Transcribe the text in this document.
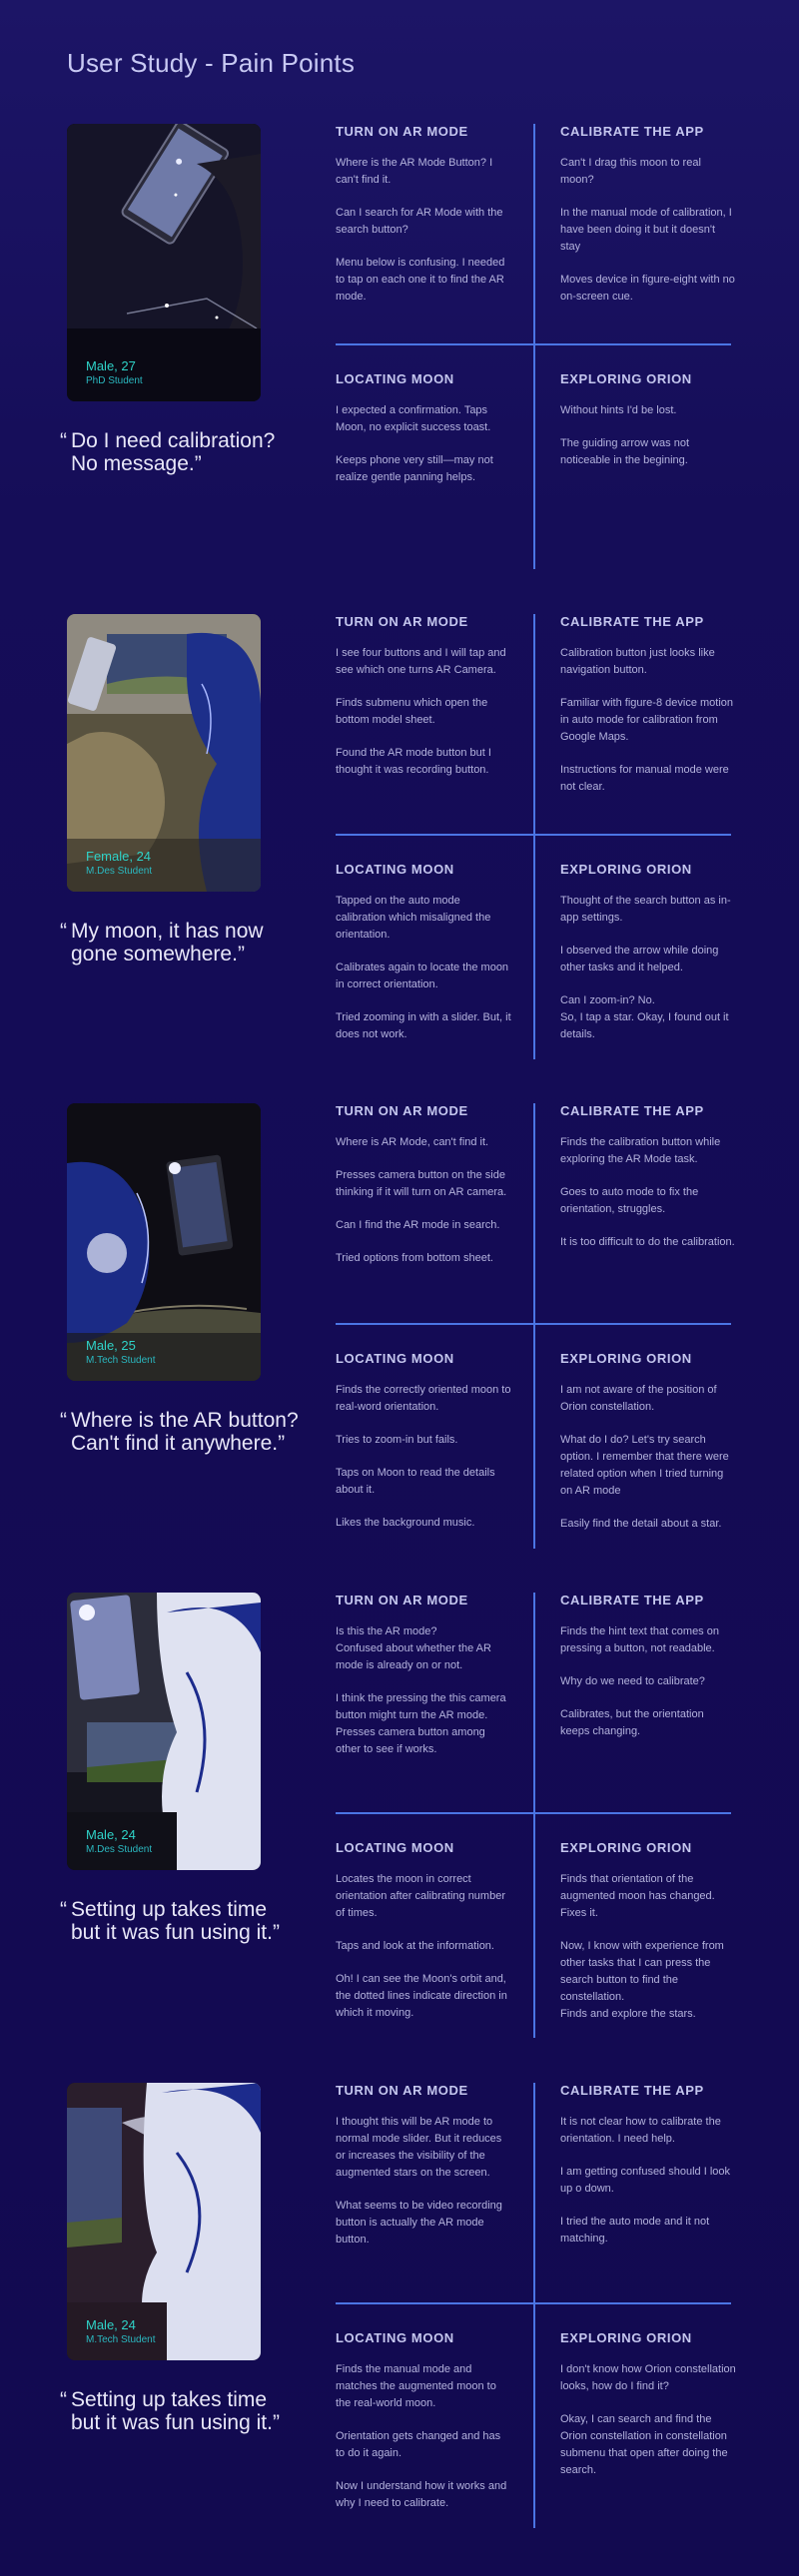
User Study - Pain Points
Male, 27
PhD Student

“ Do I need calibration? No message.”

TURN ON AR MODE

Where is the AR Mode Button? I can't find it.

Can I search for AR Mode with the search button?

Menu below is confusing. I needed to tap on each one it to find the AR mode.

CALIBRATE THE APP

Can't I drag this moon to real moon?

In the manual mode of calibration, I have been doing it but it doesn't stay

Moves device in figure-eight with no on-screen cue.

LOCATING MOON

I expected a confirmation. Taps Moon, no explicit success toast.

Keeps phone very still—may not realize gentle panning helps.

EXPLORING ORION

Without hints I'd be lost.

The guiding arrow was not noticeable in the begining.

Female, 24
M.Des Student

“ My moon, it has now gone somewhere.”

TURN ON AR MODE

I see four buttons and I will tap and see which one turns AR Camera.

Finds submenu which open the bottom model sheet.

Found the AR mode button but I thought it was recording button.

CALIBRATE THE APP

Calibration button just looks like navigation button.

Familiar with figure-8 device motion in auto mode for calibration from Google Maps.

Instructions for manual mode were not clear.

LOCATING MOON

Tapped on the auto mode calibration which misaligned the orientation.

Calibrates again to locate the moon in correct orientation.

Tried zooming in with a slider. But, it does not work.

EXPLORING ORION

Thought of the search button as in-app settings.

I observed the arrow while doing other tasks and it helped.

Can I zoom-in? No.
So, I tap a star. Okay, I found out it details.

Male, 25
M.Tech Student

“ Where is the AR button? Can't find it anywhere.”

TURN ON AR MODE

Where is AR Mode, can't find it.

Presses camera button on the side thinking if it will turn on AR camera.

Can I find the AR mode in search.

Tried options from bottom sheet.

CALIBRATE THE APP

Finds the calibration button while exploring the AR Mode task.

Goes to auto mode to fix the orientation, struggles.

It is too difficult to do the calibration.

LOCATING MOON

Finds the correctly oriented moon to real-word orientation.

Tries to zoom-in but fails.

Taps on Moon to read the details about it.

Likes the background music.

EXPLORING ORION

I am not aware of the position of Orion constellation.

What do I do? Let's try search option. I remember that there were related option when I tried turning on AR mode

Easily find the detail about a star.

Male, 24
M.Des Student

“ Setting up takes time but it was fun using it.”

TURN ON AR MODE

Is this the AR mode?
Confused about whether the AR mode is already on or not.

I think the pressing the this camera button might turn the AR mode.
Presses camera button among other to see if works.

CALIBRATE THE APP

Finds the hint text that comes on pressing a button, not readable.

Why do we need to calibrate?

Calibrates, but the orientation keeps changing.

LOCATING MOON

Locates the moon in correct orientation after calibrating number of times.

Taps and look at the information.

Oh! I can see the Moon's orbit and, the dotted lines indicate direction in which it moving.

EXPLORING ORION

Finds that orientation of the augmented moon has changed. Fixes it.

Now, I know with experience from other tasks that I can press the search button to find the constellation.
Finds and explore the stars.

Male, 24
M.Tech Student

“ Setting up takes time but it was fun using it.”

TURN ON AR MODE

I thought this will be AR mode to normal mode slider. But it reduces or increases the visibility of the augmented stars on the screen.

What seems to be video recording button is actually the AR mode button.

CALIBRATE THE APP

It is not clear how to calibrate the orientation. I need help.

I am getting confused should I look up o down.

I tried the auto mode and it not matching.

LOCATING MOON

Finds the manual mode and matches the augmented moon to the real-world moon.

Orientation gets changed and has to do it again.

Now I understand how it works and why I need to calibrate.

EXPLORING ORION

I don't know how Orion constellation looks, how do I find it?

Okay, I can search and find the Orion constellation in constellation submenu that open after doing the search.
